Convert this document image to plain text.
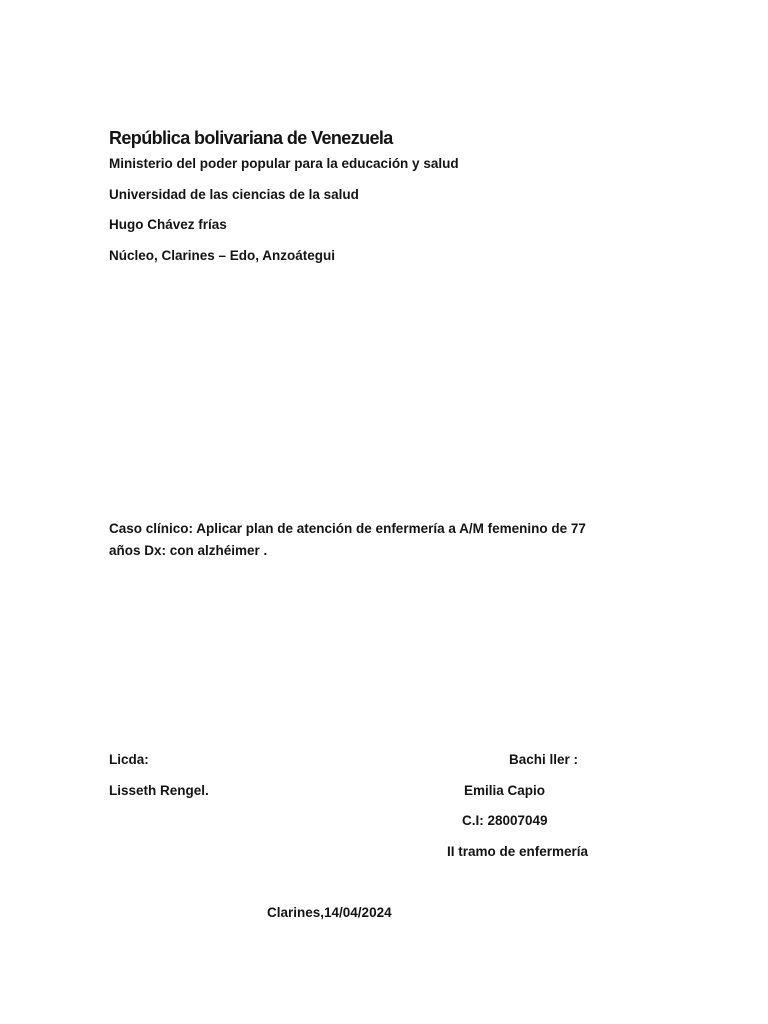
República bolivariana de Venezuela
Ministerio del poder popular para la educación y salud
Universidad de las ciencias de la salud
Hugo Chávez frías
Núcleo, Clarines – Edo, Anzoátegui
Caso clínico: Aplicar plan de atención de enfermería a A/M femenino de 77
años Dx: con alzhéimer .
Licda:
Lisseth Rengel.
Bachi ller :
Emilia Capio
C.I: 28007049
II tramo de enfermería
Clarines,14/04/2024
